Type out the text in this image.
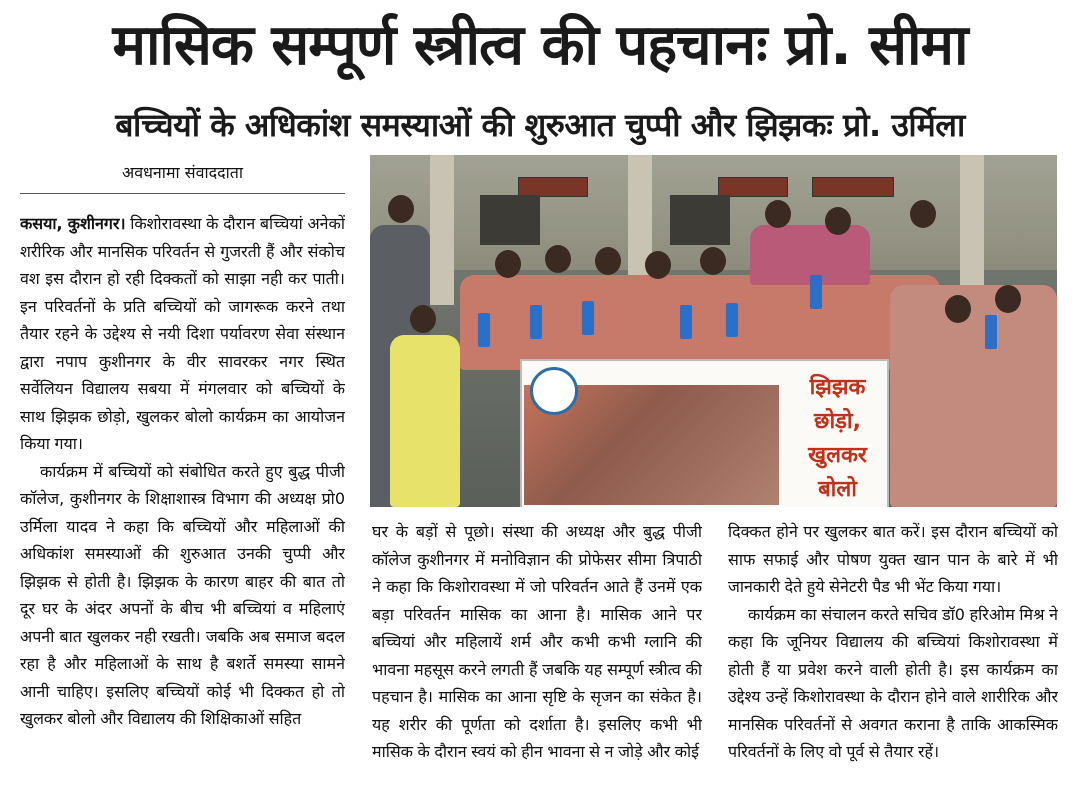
मासिक सम्पूर्ण स्त्रीत्व की पहचानः प्रो. सीमा
बच्चियों के अधिकांश समस्याओं की शुरुआत चुप्पी और झिझकः प्रो. उर्मिला
अवधनामा संवाददाता

कसया, कुशीनगर। किशोरावस्था के दौरान बच्चियां अनेकों शरीरिक और मानसिक परिवर्तन से गुजरती हैं और संकोच वश इस दौरान हो रही दिक्कतों को साझा नही कर पाती। इन परिवर्तनों के प्रति बच्चियों को जागरूक करने तथा तैयार रहने के उद्देश्य से नयी दिशा पर्यावरण सेवा संस्थान द्वारा नपाप कुशीनगर के वीर सावरकर नगर स्थित सर्वेलियन विद्यालय सबया में मंगलवार को बच्चियों के साथ झिझक छोड़ो, खुलकर बोलो कार्यक्रम का आयोजन किया गया।

कार्यक्रम में बच्चियों को संबोधित करते हुए बुद्ध पीजी कॉलेज, कुशीनगर के शिक्षाशास्त्र विभाग की अध्यक्ष प्रो0 उर्मिला यादव ने कहा कि बच्चियों और महिलाओं की अधिकांश समस्याओं की शुरुआत उनकी चुप्पी और झिझक से होती है। झिझक के कारण बाहर की बात तो दूर घर के अंदर अपनों के बीच भी बच्चियां व महिलाएं अपनी बात खुलकर नही रखती। जबकि अब समाज बदल रहा है और महिलाओं के साथ है बशर्ते समस्या सामने आनी चाहिए। इसलिए बच्चियों कोई भी दिक्कत हो तो खुलकर बोलो और विद्यालय की शिक्षिकाओं सहित

झिझक
छोड़ो,
खुलकर
बोलो

घर के बड़ों से पूछो। संस्था की अध्यक्ष और बुद्ध पीजी कॉलेज कुशीनगर में मनोविज्ञान की प्रोफेसर सीमा त्रिपाठी ने कहा कि किशोरावस्था में जो परिवर्तन आते हैं उनमें एक बड़ा परिवर्तन मासिक का आना है। मासिक आने पर बच्चियां और महिलायें शर्म और कभी कभी ग्लानि की भावना महसूस करने लगती हैं जबकि यह सम्पूर्ण स्त्रीत्व की पहचान है। मासिक का आना सृष्टि के सृजन का संकेत है। यह शरीर की पूर्णता को दर्शाता है। इसलिए कभी भी मासिक के दौरान स्वयं को हीन भावना से न जोड़े और कोई

दिक्कत होने पर खुलकर बात करें। इस दौरान बच्चियों को साफ सफाई और पोषण युक्त खान पान के बारे में भी जानकारी देते हुये सेनेटरी पैड भी भेंट किया गया।

कार्यक्रम का संचालन करते सचिव डॉ0 हरिओम मिश्र ने कहा कि जूनियर विद्यालय की बच्चियां किशोरावस्था में होती हैं या प्रवेश करने वाली होती है। इस कार्यक्रम का उद्देश्य उन्हें किशोरावस्था के दौरान होने वाले शारीरिक और मानसिक परिवर्तनों से अवगत कराना है ताकि आकस्मिक परिवर्तनों के लिए वो पूर्व से तैयार रहें।
